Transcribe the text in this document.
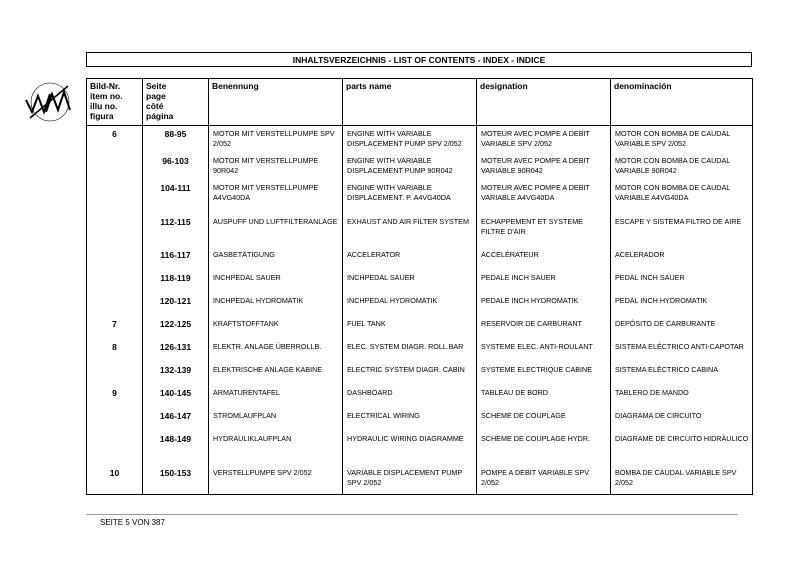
INHALTSVERZEICHNIS - LIST OF CONTENTS - INDEX - INDICE
Bild-Nr.
item no.
illu no.
figura	Seite
page
côté
página	Benennung	parts name	designation	denominación
6	88-95	MOTOR MIT VERSTELLPUMPE SPV 2/052	ENGINE WITH VARIABLE DISPLACEMENT PUMP SPV 2/052	MOTEUR AVEC POMPE A DEBIT VARIABLE SPV 2/052	MOTOR CON BOMBA DE CAUDAL VARIABLE SPV 2/052
	96-103	MOTOR MIT VERSTELLPUMPE 90R042	ENGINE WITH VARIABLE DISPLACEMENT PUMP 90R042	MOTEUR AVEC POMPE A DEBIT VARIABLE 90R042	MOTOR CON BOMBA DE CAUDAL VARIABLE 90R042
	104-111	MOTOR MIT VERSTELLPUMPE A4VG40DA	ENGINE WITH VARIABLE DISPLACEMENT. P. A4VG40DA	MOTEUR AVEC POMPE A DEBIT VARIABLE A4VG40DA	MOTOR CON BOMBA DE CAUDAL VARIABLE A4VG40DA
	112-115	AUSPUFF UND LUFTFILTERANLAGE	EXHAUST AND AIR FILTER SYSTEM	ECHAPPEMENT ET SYSTEME FILTRE D'AIR	ESCAPE Y SISTEMA FILTRO DE AIRE
	116-117	GASBETÄTIGUNG	ACCELERATOR	ACCELÉRATEUR	ACELERADOR
	118-119	INCHPEDAL SAUER	INCHPEDAL SAUER	PEDALE INCH SAUER	PEDAL INCH SAUER
	120-121	INCHPEDAL HYDROMATIK	INCHPEDAL HYDROMATIK	PEDALE INCH HYDROMATIK	PEDAL INCH HYDROMATIK
7	122-125	KRAFTSTOFFTANK	FUEL TANK	RESERVOIR DE CARBURANT	DEPÓSITO DE CARBURANTE
8	126-131	ELEKTR. ANLAGE ÜBERROLLB.	ELEC. SYSTEM DIAGR. ROLL BAR	SYSTEME ELEC. ANTI-ROULANT	SISTEMA ELÉCTRICO ANTI-CAPOTAR
	132-139	ELEKTRISCHE ANLAGE KABINE	ELECTRIC SYSTEM DIAGR. CABIN	SYSTEME ELECTRIQUE CABINE	SISTEMA ELÉCTRICO CABINA
9	140-145	ARMATURENTAFEL	DASHBOARD	TABLEAU DE BORD	TABLERO DE MANDO
	146-147	STROMLAUFPLAN	ELECTRICAL WIRING	SCHEME DE COUPLAGE	DIAGRAMA DE CIRCUITO
	148-149	HYDRAULIKLAUFPLAN	HYDRAULIC WIRING DIAGRAMME	SCHEME DE COUPLAGE HYDR.	DIAGRAME DE CIRCUITO HIDRÁULICO
10	150-153	VERSTELLPUMPE SPV 2/052	VARIABLE DISPLACEMENT PUMP SPV 2/052	POMPE A DEBIT VARIABLE SPV 2/052	BOMBA DE CAUDAL VARIABLE SPV 2/052
SEITE 5 VON 387
